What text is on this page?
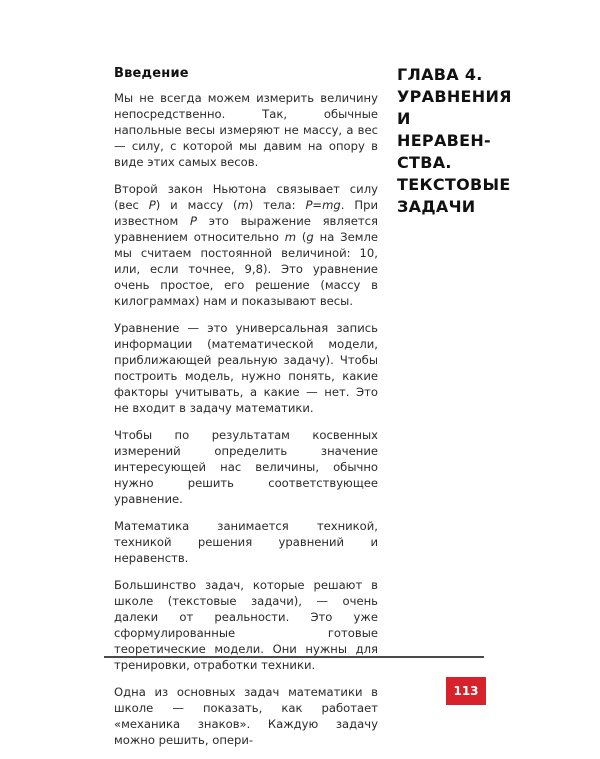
Введение

Мы не всегда можем измерить величину непосредственно. Так, обычные напольные весы измеряют не массу, а вес — силу, с которой мы давим на опору в виде этих самых весов.

Второй закон Ньютона связывает силу (вес P) и массу (m) тела: P=mg. При известном P это выражение является уравнением относительно m (g на Земле мы считаем постоянной величиной: 10, или, если точнее, 9,8). Это уравнение очень простое, его решение (массу в килограммах) нам и показывают весы.

Уравнение — это универсальная запись информации (математической модели, приближающей реальную задачу). Чтобы построить модель, нужно понять, какие факторы учитывать, а какие — нет. Это не входит в задачу математики.

Чтобы по результатам косвенных измерений определить значение интересующей нас величины, обычно нужно решить соответствующее уравнение.

Математика занимается техникой, техникой решения уравнений и неравенств.

Большинство задач, которые решают в школе (текстовые задачи), — очень далеки от реальности. Это уже сформулированные готовые теоретические модели. Они нужны для тренировки, отработки техники.

Одна из основных задач математики в школе — показать, как работает «механика знаков». Каждую задачу можно решить, опери-

ГЛАВА 4.
УРАВНЕНИЯ
И НЕРАВЕН-
СТВА.
ТЕКСТОВЫЕ
ЗАДАЧИ
113
